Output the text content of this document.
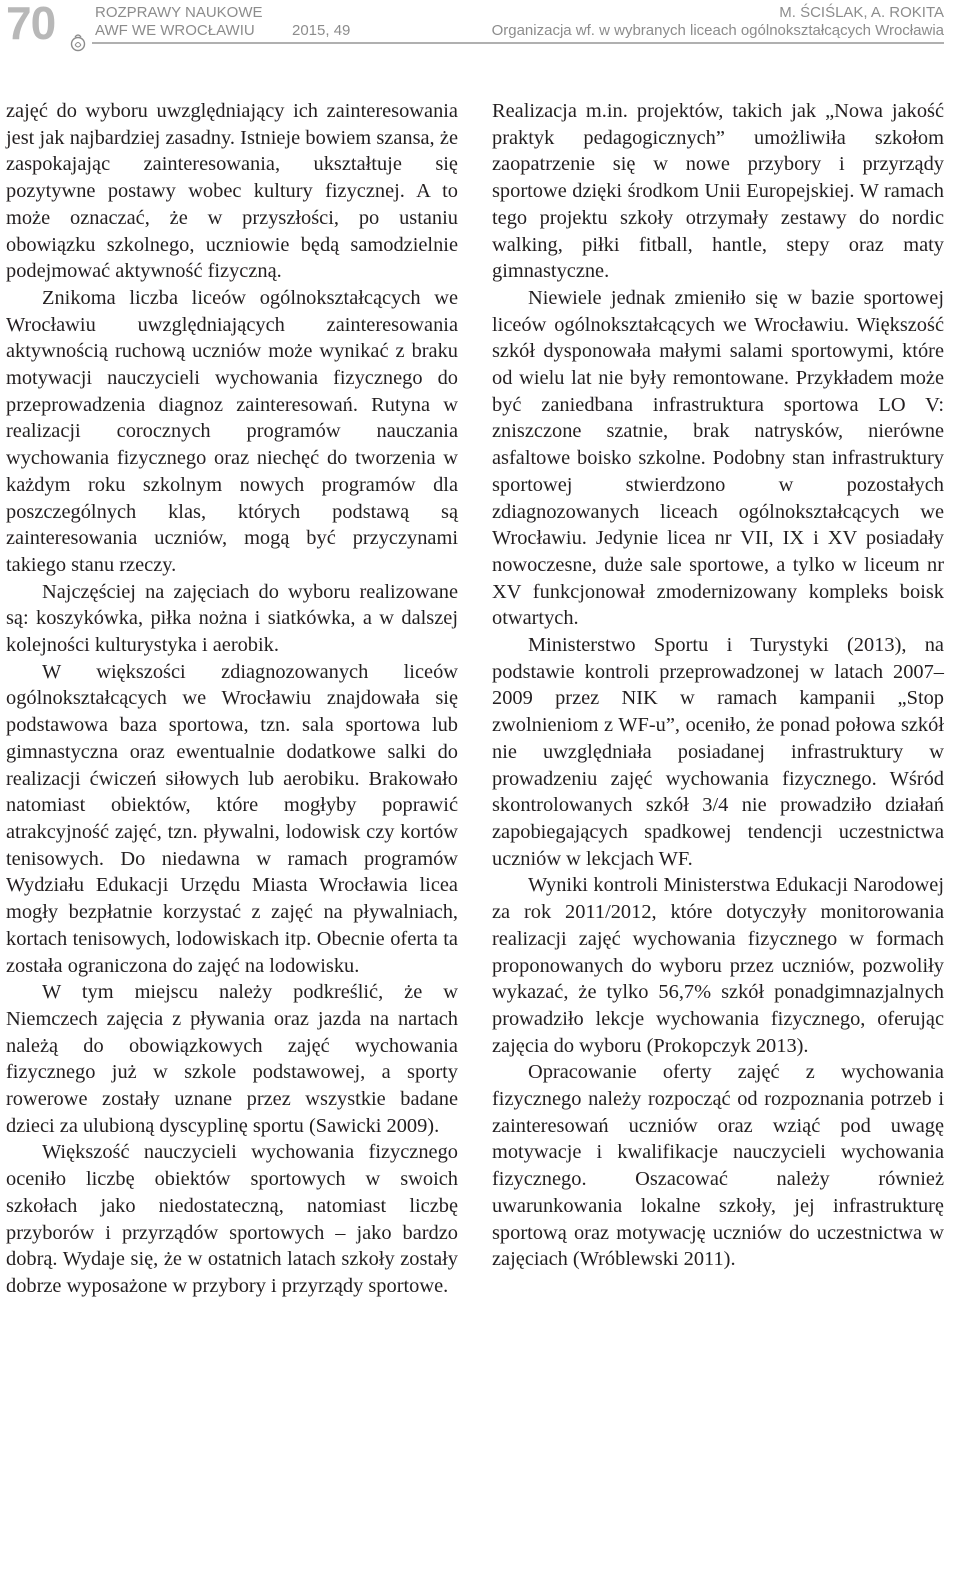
70	ROZPRAWY NAUKOWE
AWF WE WROCŁAWIU 2015, 49
M. ŚCIŚLAK, A. ROKITA
Organizacja wf. w wybranych liceach ogólnokształcących Wrocławia

zajęć do wyboru uwzględniający ich zainteresowania jest jak najbardziej zasadny. Istnieje bowiem szansa, że zaspokajając zainteresowania, ukształtuje się pozytywne postawy wobec kultury fizycznej. A to może oznaczać, że w przyszłości, po ustaniu obowiązku szkolnego, uczniowie będą samodzielnie podejmować aktywność fizyczną.

Znikoma liczba liceów ogólnokształcących we Wrocławiu uwzględniających zainteresowania aktywnością ruchową uczniów może wynikać z braku motywacji nauczycieli wychowania fizycznego do przeprowadzenia diagnoz zainteresowań. Rutyna w realizacji corocznych programów nauczania wychowania fizycznego oraz niechęć do tworzenia w każdym roku szkolnym nowych programów dla poszczególnych klas, których podstawą są zainteresowania uczniów, mogą być przyczynami takiego stanu rzeczy.

Najczęściej na zajęciach do wyboru realizowane są: koszykówka, piłka nożna i siatkówka, a w dalszej kolejności kulturystyka i aerobik.

W większości zdiagnozowanych liceów ogólnokształcących we Wrocławiu znajdowała się podstawowa baza sportowa, tzn. sala sportowa lub gimnastyczna oraz ewentualnie dodatkowe salki do realizacji ćwiczeń siłowych lub aerobiku. Brakowało natomiast obiektów, które mogłyby poprawić atrakcyjność zajęć, tzn. pływalni, lodowisk czy kortów tenisowych. Do niedawna w ramach programów Wydziału Edukacji Urzędu Miasta Wrocławia licea mogły bezpłatnie korzystać z zajęć na pływalniach, kortach tenisowych, lodowiskach itp. Obecnie oferta ta została ograniczona do zajęć na lodowisku.

W tym miejscu należy podkreślić, że w Niemczech zajęcia z pływania oraz jazda na nartach należą do obowiązkowych zajęć wychowania fizycznego już w szkole podstawowej, a sporty rowerowe zostały uznane przez wszystkie badane dzieci za ulubioną dyscyplinę sportu (Sawicki 2009).

Większość nauczycieli wychowania fizycznego oceniło liczbę obiektów sportowych w swoich szkołach jako niedostateczną, natomiast liczbę przyborów i przyrządów sportowych – jako bardzo dobrą. Wydaje się, że w ostatnich latach szkoły zostały dobrze wyposażone w przybory i przyrządy sportowe.

Realizacja m.in. projektów, takich jak „Nowa jakość praktyk pedagogicznych” umożliwiła szkołom zaopatrzenie się w nowe przybory i przyrządy sportowe dzięki środkom Unii Europejskiej. W ramach tego projektu szkoły otrzymały zestawy do nordic walking, piłki fitball, hantle, stepy oraz maty gimnastyczne.

Niewiele jednak zmieniło się w bazie sportowej liceów ogólnokształcących we Wrocławiu. Większość szkół dysponowała małymi salami sportowymi, które od wielu lat nie były remontowane. Przykładem może być zaniedbana infrastruktura sportowa LO V: zniszczone szatnie, brak natrysków, nierówne asfaltowe boisko szkolne. Podobny stan infrastruktury sportowej stwierdzono w pozostałych zdiagnozowanych liceach ogólnokształcących we Wrocławiu. Jedynie licea nr VII, IX i XV posiadały nowoczesne, duże sale sportowe, a tylko w liceum nr XV funkcjonował zmodernizowany kompleks boisk otwartych.

Ministerstwo Sportu i Turystyki (2013), na podstawie kontroli przeprowadzonej w latach 2007–2009 przez NIK w ramach kampanii „Stop zwolnieniom z WF-u”, oceniło, że ponad połowa szkół nie uwzględniała posiadanej infrastruktury w prowadzeniu zajęć wychowania fizycznego. Wśród skontrolowanych szkół 3/4 nie prowadziło działań zapobiegających spadkowej tendencji uczestnictwa uczniów w lekcjach WF.

Wyniki kontroli Ministerstwa Edukacji Narodowej za rok 2011/2012, które dotyczyły monitorowania realizacji zajęć wychowania fizycznego w formach proponowanych do wyboru przez uczniów, pozwoliły wykazać, że tylko 56,7% szkół ponadgimnazjalnych prowadziło lekcje wychowania fizycznego, oferując zajęcia do wyboru (Prokopczyk 2013).

Opracowanie oferty zajęć z wychowania fizycznego należy rozpocząć od rozpoznania potrzeb i zainteresowań uczniów oraz wziąć pod uwagę motywacje i kwalifikacje nauczycieli wychowania fizycznego. Oszacować należy również uwarunkowania lokalne szkoły, jej infrastrukturę sportową oraz motywację uczniów do uczestnictwa w zajęciach (Wróblewski 2011).
